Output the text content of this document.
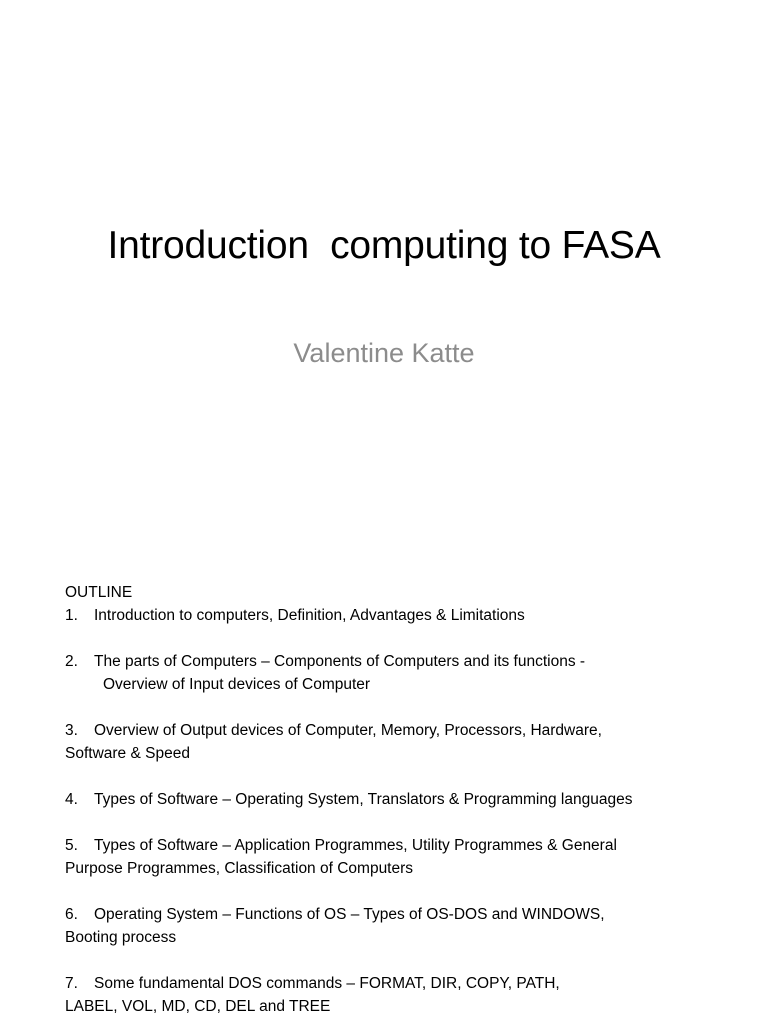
Introduction  computing to FASA
Valentine Katte
OUTLINE
1. Introduction to computers, Definition, Advantages & Limitations
2. The parts of Computers – Components of Computers and its functions -
Overview of Input devices of Computer
3. Overview of Output devices of Computer, Memory, Processors, Hardware,
Software & Speed
4. Types of Software – Operating System, Translators & Programming languages
5. Types of Software – Application Programmes, Utility Programmes & General
Purpose Programmes, Classification of Computers
6. Operating System – Functions of OS – Types of OS-DOS and WINDOWS,
Booting process
7. Some fundamental DOS commands – FORMAT, DIR, COPY, PATH,
LABEL, VOL, MD, CD, DEL and TREE
